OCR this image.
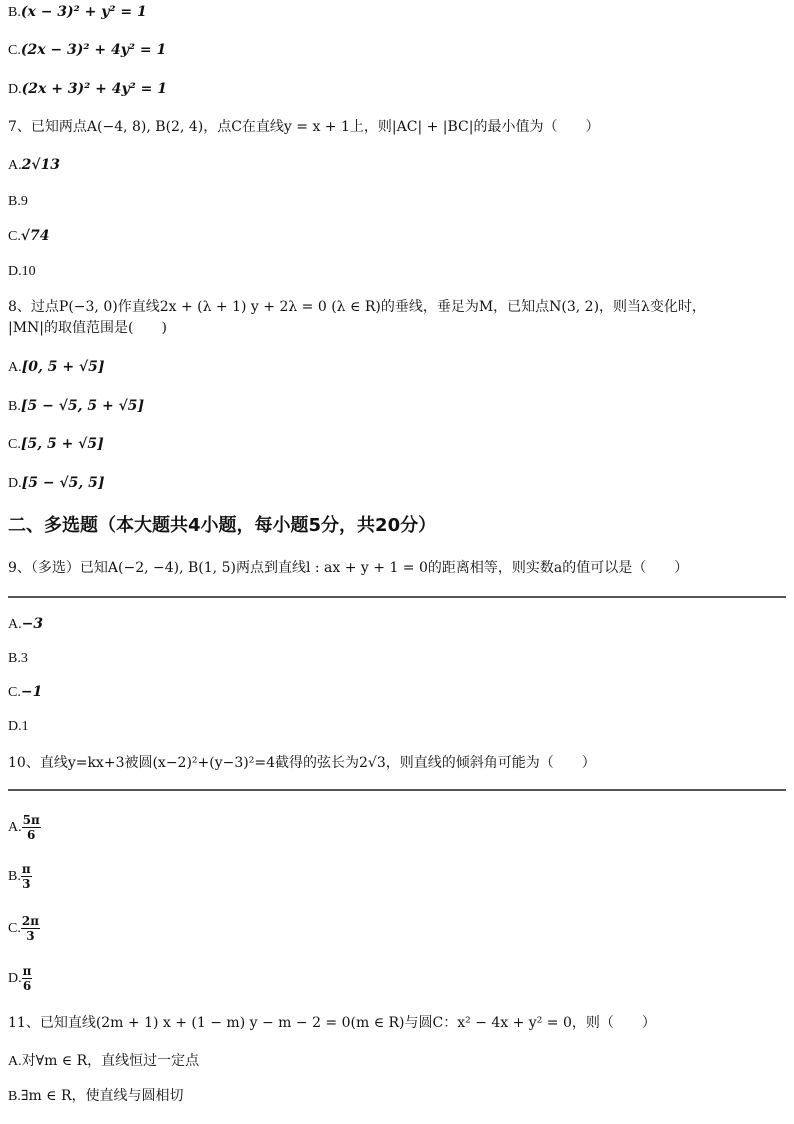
B.(x − 3)² + y² = 1
C.(2x − 3)² + 4y² = 1
D.(2x + 3)² + 4y² = 1
7、已知两点A(−4, 8), B(2, 4)，点C在直线y = x + 1上，则|AC| + |BC|的最小值为（　　）
A.2√13
B.9
C.√74
D.10
8、过点P(−3, 0)作直线2x + (λ + 1) y + 2λ = 0 (λ ∈ R)的垂线，垂足为M，已知点N(3, 2)，则当λ变化时，
|MN|的取值范围是(　　)
A.[0, 5 + √5]
B.[5 − √5, 5 + √5]
C.[5, 5 + √5]
D.[5 − √5, 5]
二、多选题（本大题共4小题，每小题5分，共20分）
9、（多选）已知A(−2, −4), B(1, 5)两点到直线l : ax + y + 1 = 0的距离相等，则实数a的值可以是（　　）
A.−3
B.3
C.−1
D.1
10、直线y=kx+3被圆(x−2)²+(y−3)²=4截得的弦长为2√3，则直线的倾斜角可能为（　　）
A. $\frac{5\pi}{6}$
B. $\frac{\pi}{3}$
C. $\frac{2\pi}{3}$
D. $\frac{\pi}{6}$
11、已知直线(2m + 1) x + (1 − m) y − m − 2 = 0(m ∈ R)与圆C：x² − 4x + y² = 0，则（　　）
A.对∀m ∈ R，直线恒过一定点
B.∃m ∈ R，使直线与圆相切
